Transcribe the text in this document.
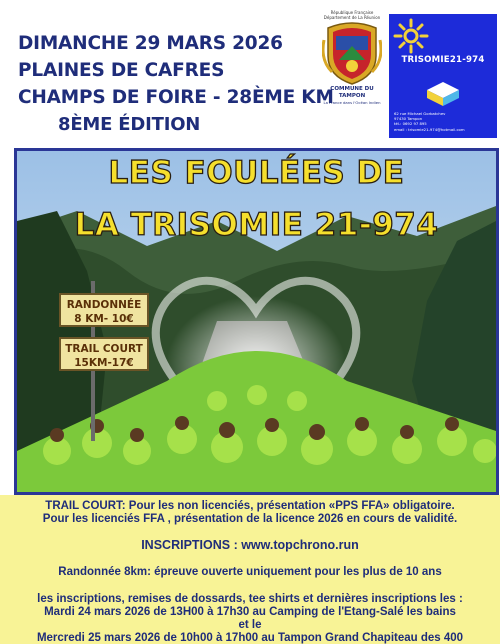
DIMANCHE 29 MARS 2026
PLAINES DE CAFRES
CHAMPS DE FOIRE - 28ÈME KM
8ÈME ÉDITION
République Française Département de La Réunion
COMMUNE DU TAMPON
La France dans l'Océan Indien
TRISOMIE21-974
62 rue Michael Gorbatchev
97430 Tampon
tél.: 0692 97 895
email : trisomie21-974@hotmail.com
LES FOULÉES DE
LA TRISOMIE 21-974
RANDONNÉE
8 KM- 10€
TRAIL COURT
15KM-17€

TRAIL COURT: Pour les non licenciés, présentation «PPS FFA» obligatoire.

Pour les licenciés FFA , présentation de la licence 2026 en cours de validité.

INSCRIPTIONS : www.topchrono.run

Randonnée 8km: épreuve ouverte uniquement pour les plus de 10 ans

les inscriptions, remises de dossards, tee shirts et dernières inscriptions les :

Mardi 24 mars 2026 de 13H00 à 17h30 au Camping de l'Etang-Salé les bains

et le

Mercredi 25 mars 2026 de 10h00 à 17h00 au Tampon Grand Chapiteau des 400
